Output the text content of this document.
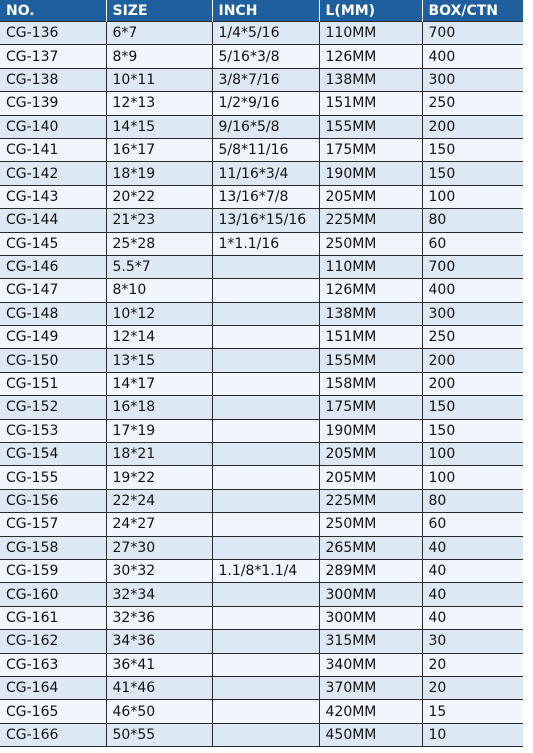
NO.	SIZE	INCH	L(MM)	BOX/CTN
CG-136	6*7	1/4*5/16	110MM	700
CG-137	8*9	5/16*3/8	126MM	400
CG-138	10*11	3/8*7/16	138MM	300
CG-139	12*13	1/2*9/16	151MM	250
CG-140	14*15	9/16*5/8	155MM	200
CG-141	16*17	5/8*11/16	175MM	150
CG-142	18*19	11/16*3/4	190MM	150
CG-143	20*22	13/16*7/8	205MM	100
CG-144	21*23	13/16*15/16	225MM	80
CG-145	25*28	1*1.1/16	250MM	60
CG-146	5.5*7		110MM	700
CG-147	8*10		126MM	400
CG-148	10*12		138MM	300
CG-149	12*14		151MM	250
CG-150	13*15		155MM	200
CG-151	14*17		158MM	200
CG-152	16*18		175MM	150
CG-153	17*19		190MM	150
CG-154	18*21		205MM	100
CG-155	19*22		205MM	100
CG-156	22*24		225MM	80
CG-157	24*27		250MM	60
CG-158	27*30		265MM	40
CG-159	30*32	1.1/8*1.1/4	289MM	40
CG-160	32*34		300MM	40
CG-161	32*36		300MM	40
CG-162	34*36		315MM	30
CG-163	36*41		340MM	20
CG-164	41*46		370MM	20
CG-165	46*50		420MM	15
CG-166	50*55		450MM	10
